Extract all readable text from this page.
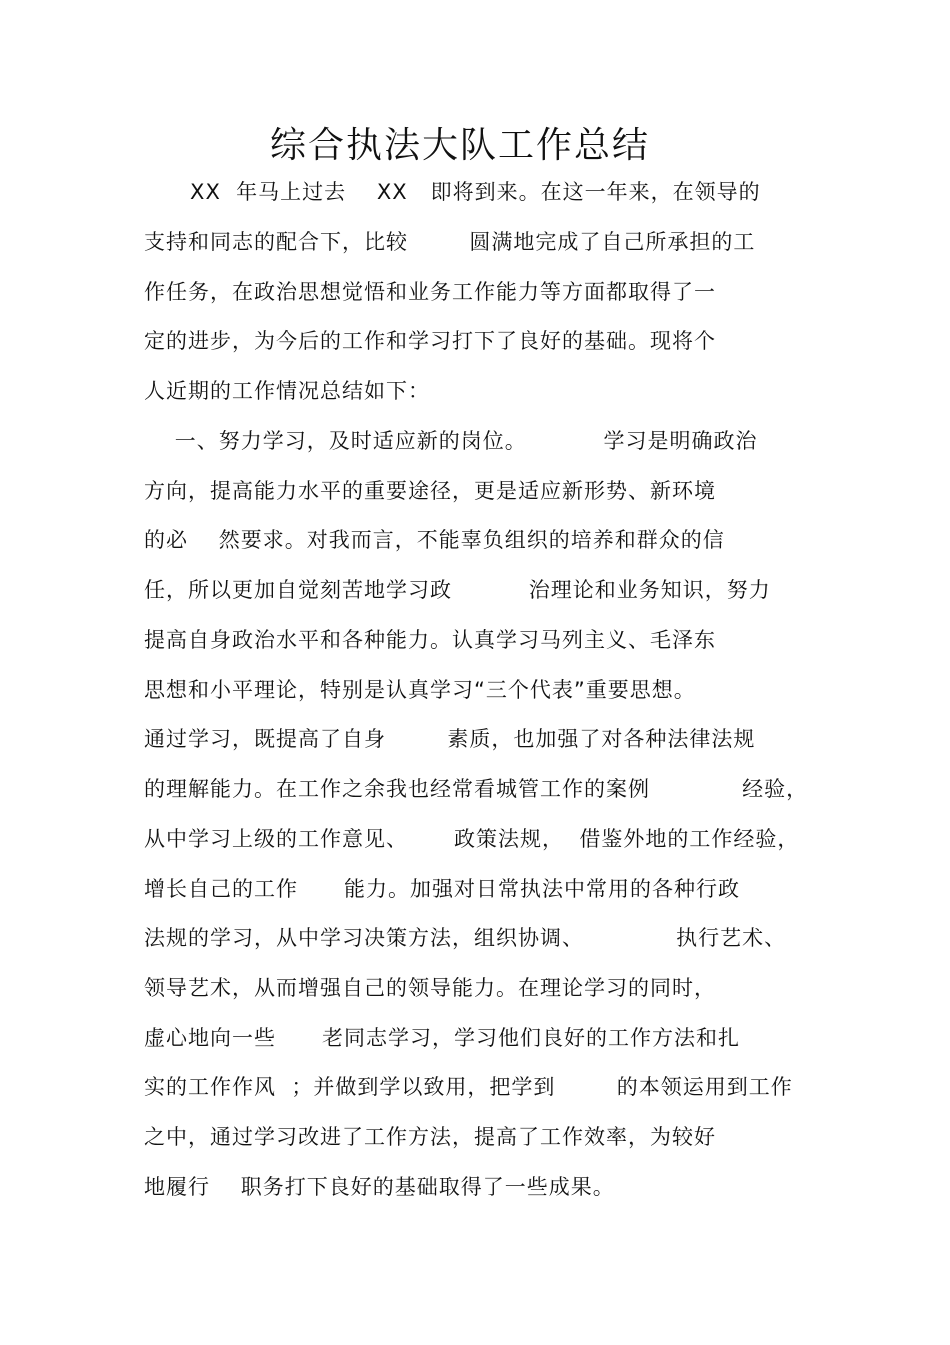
综合执法大队工作总结
XX  年马上过去    XX   即将到来。在这一年来，在领导的
支持和同志的配合下，比较        圆满地完成了自己所承担的工
作任务，在政治思想觉悟和业务工作能力等方面都取得了一
定的进步，为今后的工作和学习打下了良好的基础。现将个
人近期的工作情况总结如下：
一、努力学习，及时适应新的岗位。          学习是明确政治
方向，提高能力水平的重要途径，更是适应新形势、新环境
的必    然要求。对我而言，不能辜负组织的培养和群众的信
任，所以更加自觉刻苦地学习政          治理论和业务知识，努力
提高自身政治水平和各种能力。认真学习马列主义、毛泽东
思想和小平理论，特别是认真学习“三个代表”重要思想。
通过学习，既提高了自身        素质，也加强了对各种法律法规
的理解能力。在工作之余我也经常看城管工作的案例            经验，
从中学习上级的工作意见、      政策法规，  借鉴外地的工作经验，
增长自己的工作      能力。加强对日常执法中常用的各种行政
法规的学习，从中学习决策方法，组织协调、            执行艺术、
领导艺术，从而增强自己的领导能力。在理论学习的同时，
虚心地向一些      老同志学习，学习他们良好的工作方法和扎
实的工作作风  ；并做到学以致用，把学到        的本领运用到工作
之中，通过学习改进了工作方法，提高了工作效率，为较好
地履行    职务打下良好的基础取得了一些成果。
